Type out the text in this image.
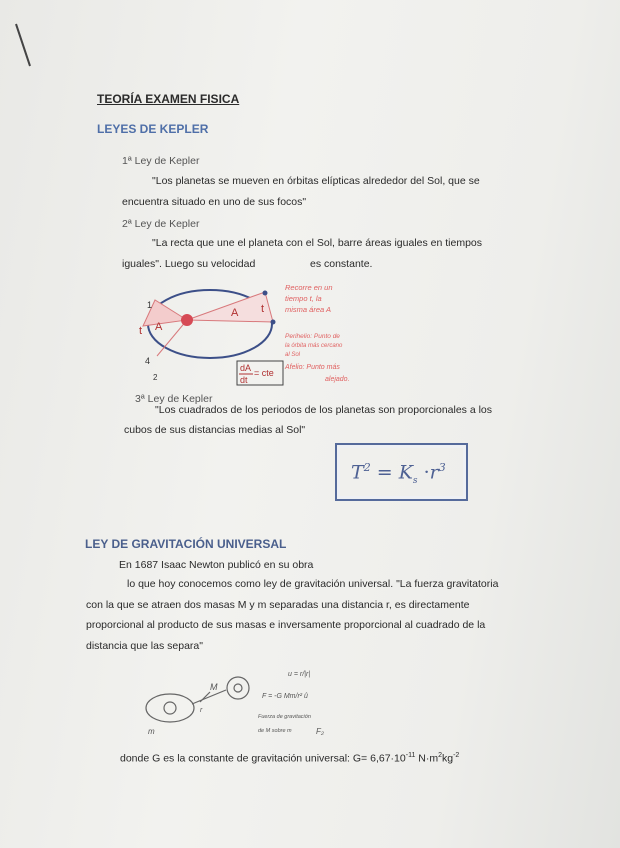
TEORÍA EXAMEN FISICA
LEYES DE KEPLER
1ª Ley de Kepler
"Los planetas se mueven en órbitas elípticas alrededor del Sol, que se
encuentra situado en uno de sus focos"
2ª Ley de Kepler
"La recta que une el planeta con el Sol, barre áreas iguales en tiempos
iguales". Luego su velocidad	es constante.
A
A
t
t
1
4
2
dA
dt
= cte
Recorre en un
tiempo t, la
misma área A
Perihelio: Punto de
la órbita más cercano
al Sol
Afelio: Punto más
alejado.
3ª Ley de Kepler
"Los cuadrados de los periodos de los planetas son proporcionales a los
cubos de sus distancias medias al Sol"
$T^2 = K_s \cdot r^3$
LEY DE GRAVITACIÓN UNIVERSAL
En 1687 Isaac Newton publicó en su obra
lo que hoy conocemos como ley de gravitación universal. "La fuerza gravitatoria
con la que se atraen dos masas M y m separadas una distancia r, es directamente
proporcional al producto de sus masas e inversamente proporcional al cuadrado de la
distancia que las separa"
m
M
r
u = r/|r|
F = -G Mm/r² û
Fuerza de gravitación
de M sobre m	F₂
donde G es la constante de gravitación universal: $G= 6,67\cdot 10^{-11}$ $N\cdot m^2kg^{-2}$
